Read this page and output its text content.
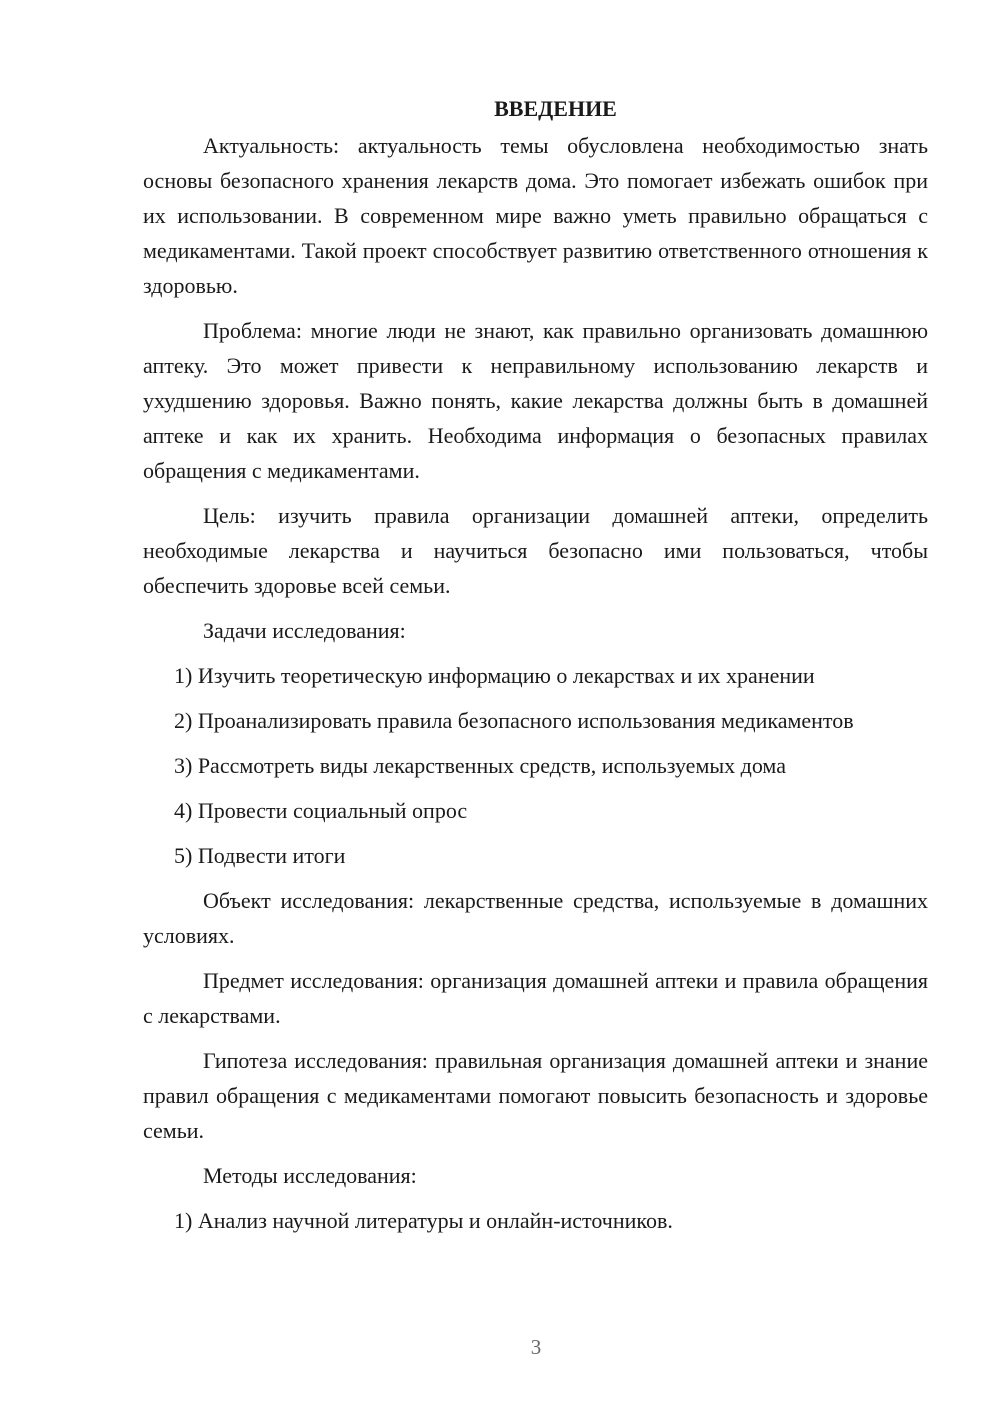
ВВЕДЕНИЕ

Актуальность: актуальность темы обусловлена необходимостью знать основы безопасного хранения лекарств дома. Это помогает избежать ошибок при их использовании. В современном мире важно уметь правильно обращаться с медикаментами. Такой проект способствует развитию ответственного отношения к здоровью.

Проблема: многие люди не знают, как правильно организовать домашнюю аптеку. Это может привести к неправильному использованию лекарств и ухудшению здоровья. Важно понять, какие лекарства должны быть в домашней аптеке и как их хранить. Необходима информация о безопасных правилах обращения с медикаментами.

Цель: изучить правила организации домашней аптеки, определить необходимые лекарства и научиться безопасно ими пользоваться, чтобы обеспечить здоровье всей семьи.

Задачи исследования:

1) Изучить теоретическую информацию о лекарствах и их хранении

2) Проанализировать правила безопасного использования медикаментов

3) Рассмотреть виды лекарственных средств, используемых дома

4) Провести социальный опрос

5) Подвести итоги

Объект исследования: лекарственные средства, используемые в домашних условиях.

Предмет исследования: организация домашней аптеки и правила обращения с лекарствами.

Гипотеза исследования: правильная организация домашней аптеки и знание правил обращения с медикаментами помогают повысить безопасность и здоровье семьи.

Методы исследования:

1) Анализ научной литературы и онлайн-источников.

3
